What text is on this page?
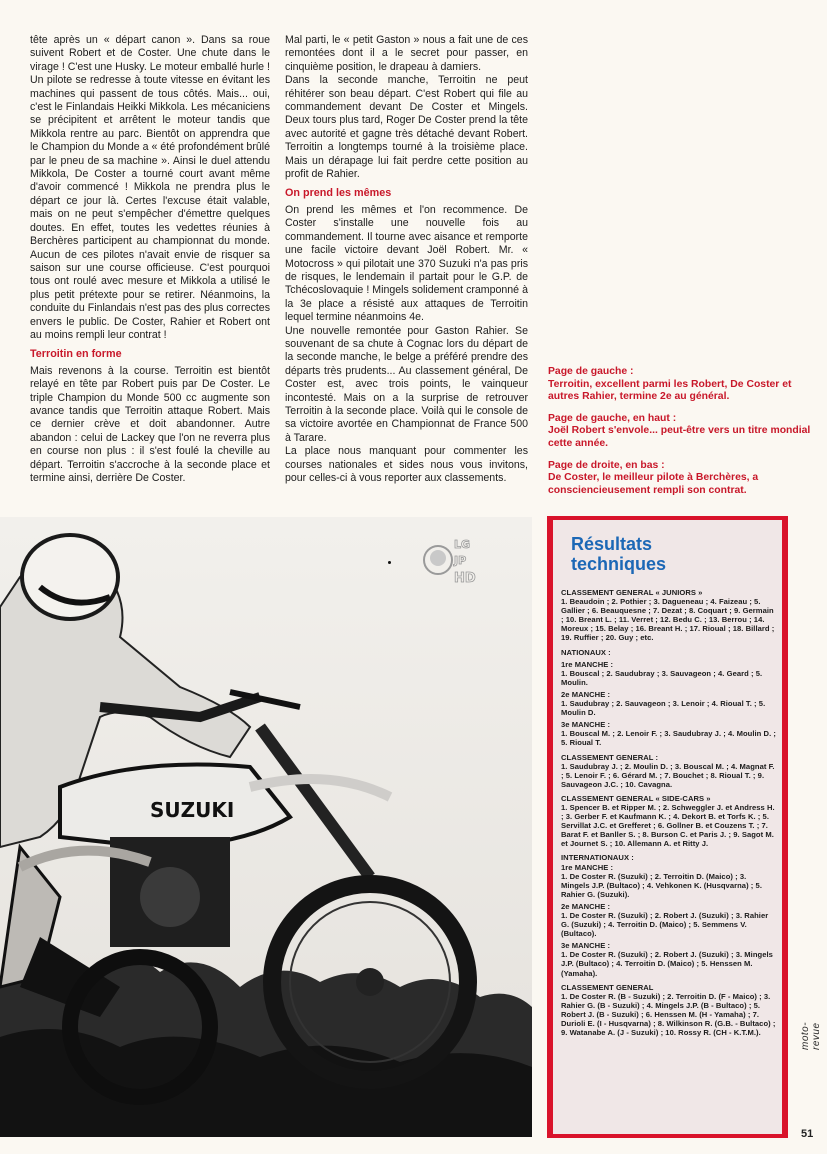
tête après un « départ canon ». Dans sa roue suivent Robert et de Coster. Une chute dans le virage ! C'est une Husky. Le moteur emballé hurle ! Un pilote se redresse à toute vitesse en évitant les machines qui passent de tous côtés. Mais... oui, c'est le Finlandais Heikki Mikkola. Les mécaniciens se précipitent et arrêtent le moteur tandis que Mikkola rentre au parc. Bientôt on apprendra que le Champion du Monde a « été profondément brûlé par le pneu de sa machine ». Ainsi le duel attendu Mikkola, De Coster a tourné court avant même d'avoir commencé ! Mikkola ne prendra plus le départ ce jour là. Certes l'excuse était valable, mais on ne peut s'empêcher d'émettre quelques doutes. En effet, toutes les vedettes réunies à Berchères participent au championnat du monde. Aucun de ces pilotes n'avait envie de risquer sa saison sur une course officieuse. C'est pourquoi tous ont roulé avec mesure et Mikkola a utilisé le plus petit prétexte pour se retirer. Néanmoins, la conduite du Finlandais n'est pas des plus correctes envers le public. De Coster, Rahier et Robert ont au moins rempli leur contrat !

Terroitin en forme

Mais revenons à la course. Terroitin est bientôt relayé en tête par Robert puis par De Coster. Le triple Champion du Monde 500 cc augmente son avance tandis que Terroitin attaque Robert. Mais ce dernier crève et doit abandonner. Autre abandon : celui de Lackey que l'on ne reverra plus en course non plus : il s'est foulé la cheville au départ. Terroitin s'accroche à la seconde place et termine ainsi, derrière De Coster.

Mal parti, le « petit Gaston » nous a fait une de ces remontées dont il a le secret pour passer, en cinquième position, le drapeau à damiers.

Dans la seconde manche, Terroitin ne peut réhitérer son beau départ. C'est Robert qui file au commandement devant De Coster et Mingels. Deux tours plus tard, Roger De Coster prend la tête avec autorité et gagne très détaché devant Robert. Terroitin a longtemps tourné à la troisième place. Mais un dérapage lui fait perdre cette position au profit de Rahier.

On prend les mêmes

On prend les mêmes et l'on recommence. De Coster s'installe une nouvelle fois au commandement. Il tourne avec aisance et remporte une facile victoire devant Joël Robert. Mr. « Motocross » qui pilotait une 370 Suzuki n'a pas pris de risques, le lendemain il partait pour le G.P. de Tchécoslovaquie ! Mingels solidement cramponné à la 3e place a résisté aux attaques de Terroitin lequel termine néanmoins 4e.

Une nouvelle remontée pour Gaston Rahier. Se souvenant de sa chute à Cognac lors du départ de la seconde manche, le belge a préféré prendre des départs très prudents... Au classement général, De Coster est, avec trois points, le vainqueur incontesté. Mais on a la surprise de retrouver Terroitin à la seconde place. Voilà qui le console de sa victoire avortée en Championnat de France 500 à Tarare.

La place nous manquant pour commenter les courses nationales et sides nous vous invitons, pour celles-ci à vous reporter aux classements.

Page de gauche :
Terroitin, excellent parmi les Robert, De Coster et autres Rahier, termine 2e au général.
Page de gauche, en haut :
Joël Robert s'envole... peut-être vers un titre mondial cette année.
Page de droite, en bas :
De Coster, le meilleur pilote à Berchères, a consciencieusement rempli son contrat.
SUZUKI
LG
JP
HD
Résultats
techniques
CLASSEMENT GENERAL « JUNIORS »
1. Beaudoin ; 2. Pothier ; 3. Dagueneau ; 4. Faizeau ; 5. Gallier ; 6. Beauquesne ; 7. Dezat ; 8. Coquart ; 9. Germain ; 10. Breant L. ; 11. Verret ; 12. Bedu C. ; 13. Berrou ; 14. Moreux ; 15. Belay ; 16. Breant H. ; 17. Rioual ; 18. Billard ; 19. Ruffier ; 20. Guy ; etc.
NATIONAUX :
1re MANCHE :
1. Bouscal ; 2. Saudubray ; 3. Sauvageon ; 4. Geard ; 5. Moulin.
2e MANCHE :
1. Saudubray ; 2. Sauvageon ; 3. Lenoir ; 4. Rioual T. ; 5. Moulin D.
3e MANCHE :
1. Bouscal M. ; 2. Lenoir F. ; 3. Saudubray J. ; 4. Moulin D. ; 5. Rioual T.
CLASSEMENT GENERAL :
1. Saudubray J. ; 2. Moulin D. ; 3. Bouscal M. ; 4. Magnat F. ; 5. Lenoir F. ; 6. Gérard M. ; 7. Bouchet ; 8. Rioual T. ; 9. Sauvageon J.C. ; 10. Cavagna.
CLASSEMENT GENERAL « SIDE-CARS »
1. Spencer B. et Ripper M. ; 2. Schweggler J. et Andress H. ; 3. Gerber F. et Kaufmann K. ; 4. Dekort B. et Torfs K. ; 5. Servillat J.C. et Grefferet ; 6. Gollner B. et Couzens T. ; 7. Barat F. et Banller S. ; 8. Burson C. et Paris J. ; 9. Sagot M. et Journet S. ; 10. Allemann A. et Ritty J.
INTERNATIONAUX :
1re MANCHE :
1. De Coster R. (Suzuki) ; 2. Terroitin D. (Maico) ; 3. Mingels J.P. (Bultaco) ; 4. Vehkonen K. (Husqvarna) ; 5. Rahier G. (Suzuki).
2e MANCHE :
1. De Coster R. (Suzuki) ; 2. Robert J. (Suzuki) ; 3. Rahier G. (Suzuki) ; 4. Terroitin D. (Maico) ; 5. Semmens V. (Bultaco).
3e MANCHE :
1. De Coster R. (Suzuki) ; 2. Robert J. (Suzuki) ; 3. Mingels J.P. (Bultaco) ; 4. Terroitin D. (Maico) ; 5. Henssen M. (Yamaha).
CLASSEMENT GENERAL
1. De Coster R. (B - Suzuki) ; 2. Terroitin D. (F - Maico) ; 3. Rahier G. (B - Suzuki) ; 4. Mingels J.P. (B - Bultaco) ; 5. Robert J. (B - Suzuki) ; 6. Henssen M. (H - Yamaha) ; 7. Durioli E. (I - Husqvarna) ; 8. Wilkinson R. (G.B. - Bultaco) ; 9. Watanabe A. (J - Suzuki) ; 10. Rossy R. (CH - K.T.M.).	moto-revue
51
